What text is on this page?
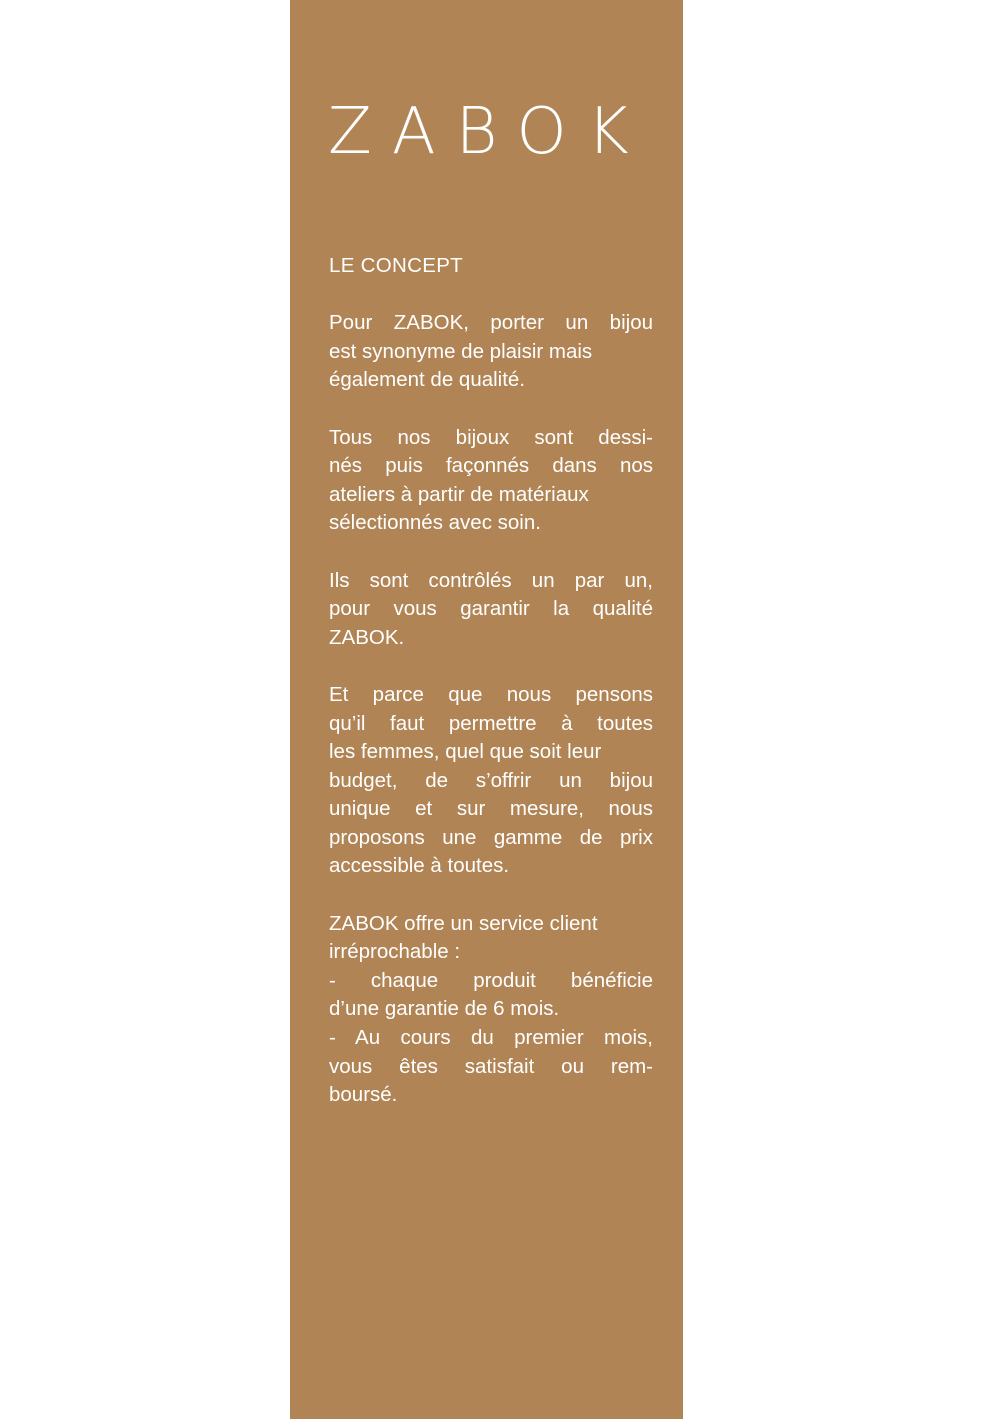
ZABOK
LE CONCEPT
Pour ZABOK, porter un bijou
est synonyme de plaisir mais
également de qualité.
Tous nos bijoux sont dessi-
nés puis façonnés dans nos
ateliers à partir de matériaux
sélectionnés avec soin.
Ils sont contrôlés un par un,
pour vous garantir la qualité
ZABOK.
Et parce que nous pensons
qu’il faut permettre à toutes
les femmes, quel que soit leur
budget, de s’offrir un bijou
unique et sur mesure, nous
proposons une gamme de prix
accessible à toutes.
ZABOK offre un service client
irréprochable :
- chaque produit bénéficie
d’une garantie de 6 mois.
- Au cours du premier mois,
vous êtes satisfait ou rem-
boursé.
